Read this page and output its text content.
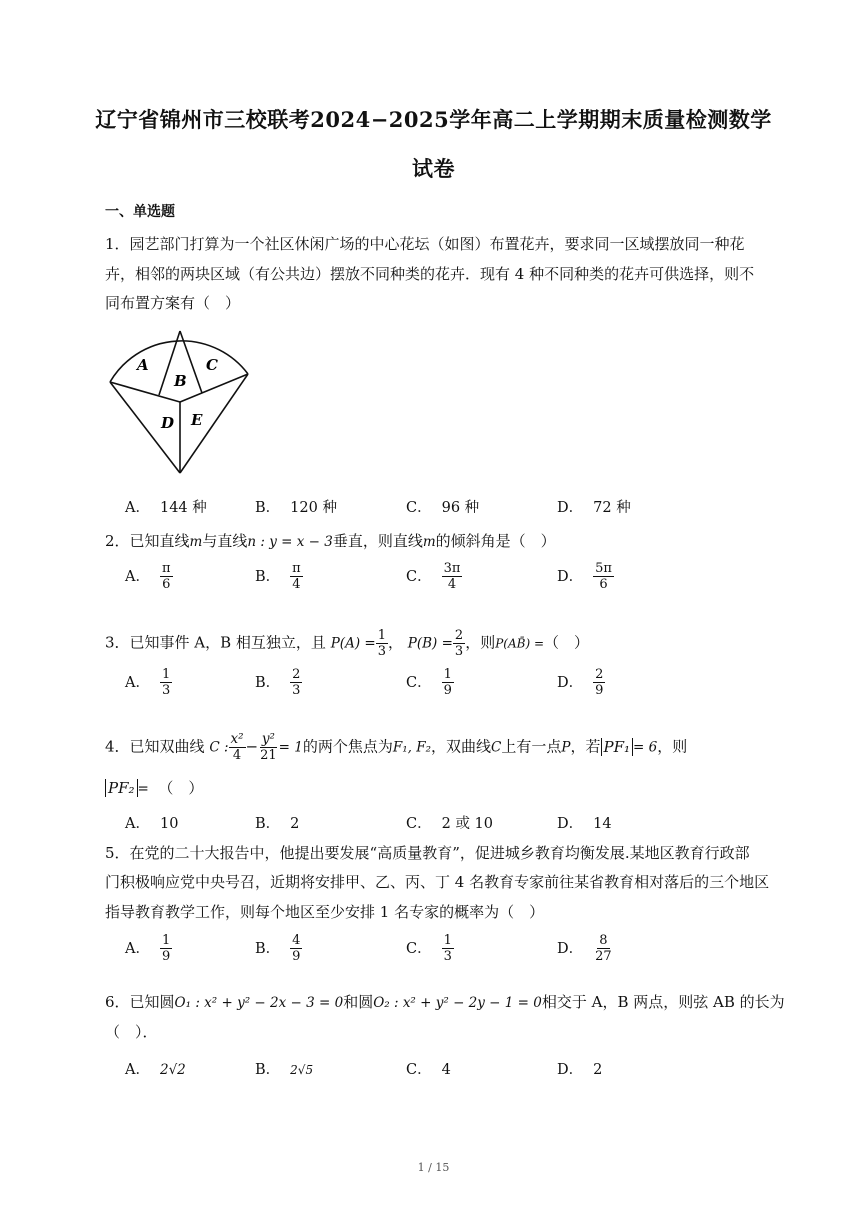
辽宁省锦州市三校联考2024−2025学年高二上学期期末质量检测数学
试卷
一、单选题
1．园艺部门打算为一个社区休闲广场的中心花坛（如图）布置花卉，要求同一区域摆放同一种花
卉，相邻的两块区域（有公共边）摆放不同种类的花卉．现有 4 种不同种类的花卉可供选择，则不
同布置方案有（　）
A
B
C
D E
A． 144 种	B． 120 种	C． 96 种	D． 72 种
2．已知直线m与直线n : y = x − 3垂直，则直线m的倾斜角是（　）
A． $\frac{\pi}{6}$	B． $\frac{\pi}{4}$	C． $\frac{3\pi}{4}$	D． $\frac{5\pi}{6}$
3．已知事件 A，B 相互独立，且 $P(A) = \frac{1}{3}$ ， $P(B) = \frac{2}{3}$ ，则P(AB̄) =（　）
A． $\frac{1}{3}$	B． $\frac{2}{3}$	C． $\frac{1}{9}$	D． $\frac{2}{9}$
4．已知双曲线 C : $\frac{\text{x²}}{4} - \frac{\text{y²}}{21} = 1$的两个焦点为F₁, F₂，双曲线C上有一点P，若 PF₁ = 6，则
PF₂ = （　）
A． 10	B． 2	C． 2 或 10	D． 14
5．在党的二十大报告中，他提出要发展“高质量教育”，促进城乡教育均衡发展.某地区教育行政部
门积极响应党中央号召，近期将安排甲、乙、丙、丁 4 名教育专家前往某省教育相对落后的三个地区
指导教育教学工作，则每个地区至少安排 1 名专家的概率为（　）
A． $\frac{1}{9}$	B． $\frac{4}{9}$	C． $\frac{1}{3}$	D． $\frac{8}{27}$
6．已知圆O₁ : x² + y² − 2x − 3 = 0和圆O₂ : x² + y² − 2y − 1 = 0相交于 A，B 两点，则弦 AB 的长为
（　）．
A． 2√2	B． 2√5	C． 4	D． 2
1 / 15
